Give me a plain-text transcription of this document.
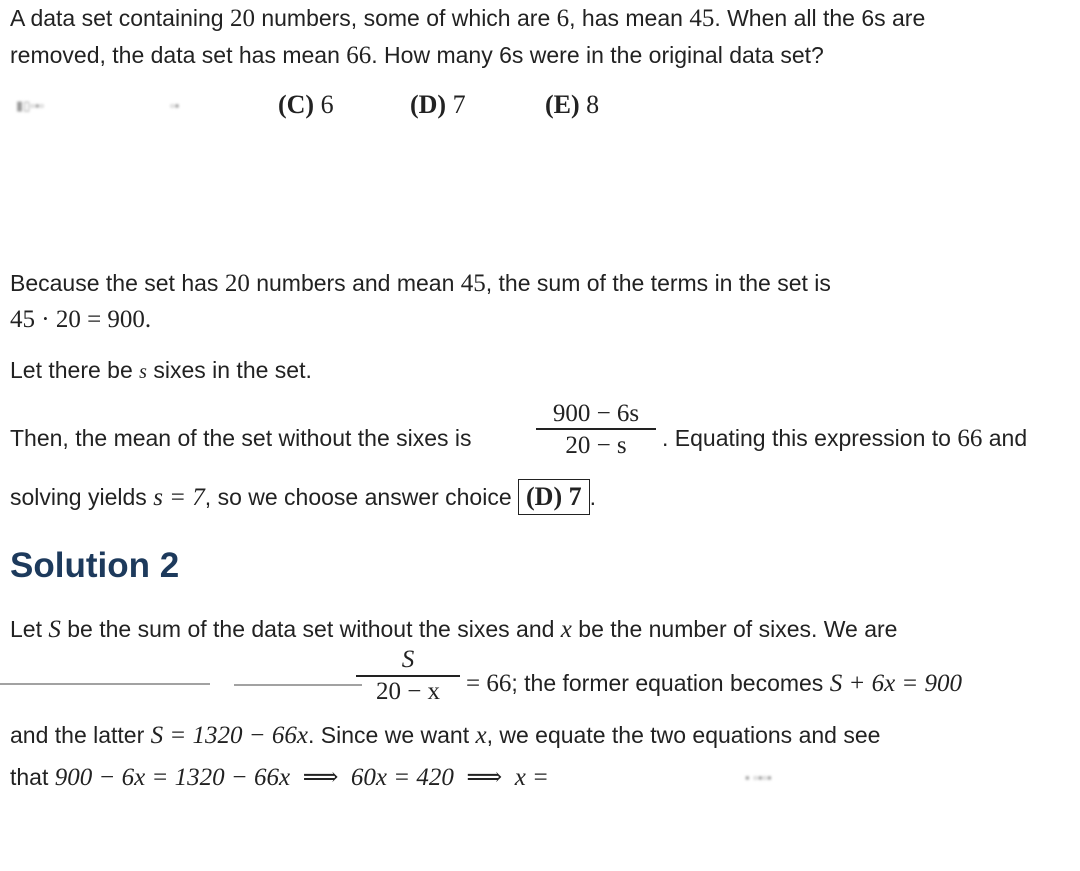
A data set containing 20 numbers, some of which are 6, has mean 45. When all the 6s are
removed, the data set has mean 66. How many 6s were in the original data set?
▮▯▫▪▫	▫▪	(C) 6	(D) 7	(E) 8
Because the set has 20 numbers and mean 45, the sum of the terms in the set is
45 · 20 = 900.
Let there be s sixes in the set.
Then, the mean of the set without the sixes is
900 − 6s
20 − s	. Equating this expression to 66 and
solving yields s = 7, so we choose answer choice (D) 7 .
Solution 2
Let S be the sum of the data set without the sixes and x be the number of sixes. We are
S
20 − x	= 66; the former equation becomes S + 6x = 900
and the latter S = 1320 − 66x. Since we want x, we equate the two equations and see
that 900 − 6x = 1320 − 66x  ⟹  60x = 420  ⟹  x =	▪ ▫▪▫▪
